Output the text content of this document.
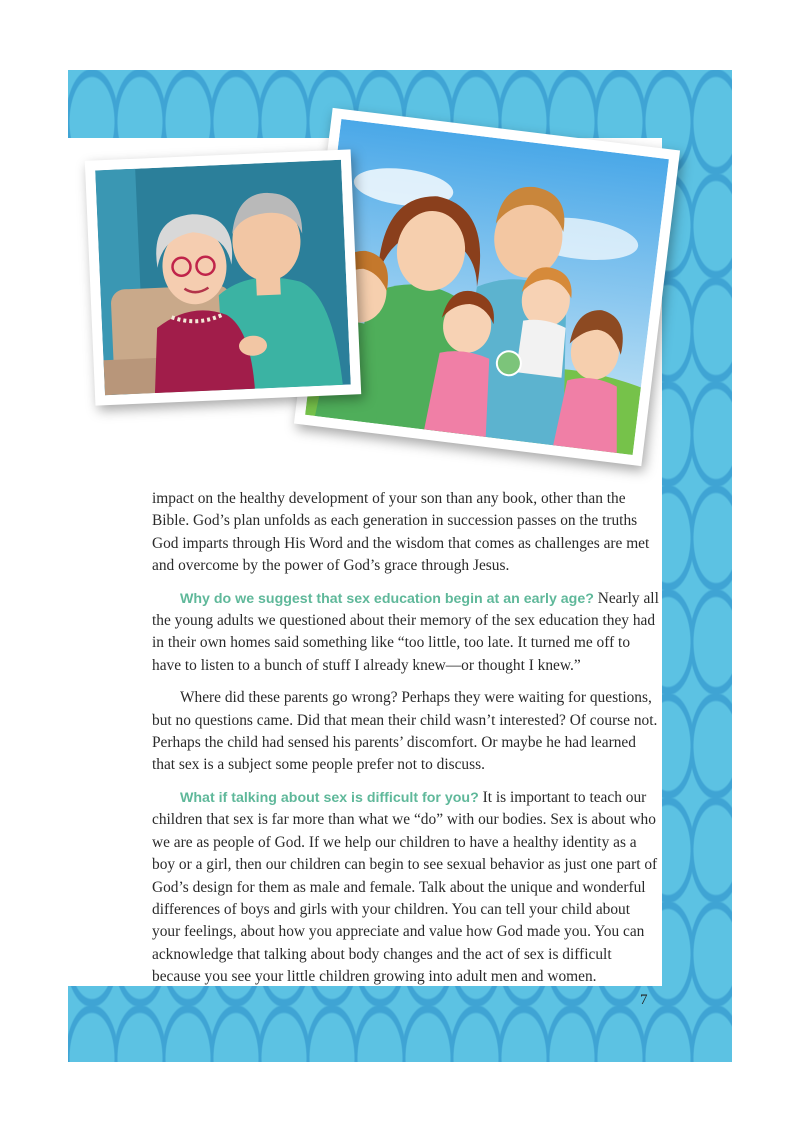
impact on the healthy development of your son than any book, other than the Bible. God’s plan unfolds as each generation in succession passes on the truths God imparts through His Word and the wisdom that comes as challenges are met and overcome by the power of God’s grace through Jesus.

Why do we suggest that sex education begin at an early age? Nearly all the young adults we questioned about their memory of the sex education they had in their own homes said something like “too little, too late. It turned me off to have to listen to a bunch of stuff I already knew—or thought I knew.”

Where did these parents go wrong? Perhaps they were waiting for questions, but no questions came. Did that mean their child wasn’t interested? Of course not. Perhaps the child had sensed his parents’ discomfort. Or maybe he had learned that sex is a subject some people prefer not to discuss.

What if talking about sex is difficult for you? It is important to teach our children that sex is far more than what we “do” with our bodies. Sex is about who we are as people of God. If we help our children to have a healthy identity as a boy or a girl, then our children can begin to see sexual behavior as just one part of God’s design for them as male and female. Talk about the unique and wonderful differences of boys and girls with your children. You can tell your child about your feelings, about how you appreciate and value how God made you. You can acknowledge that talking about body changes and the act of sex is difficult because you see your little children growing into adult men and women.

7
